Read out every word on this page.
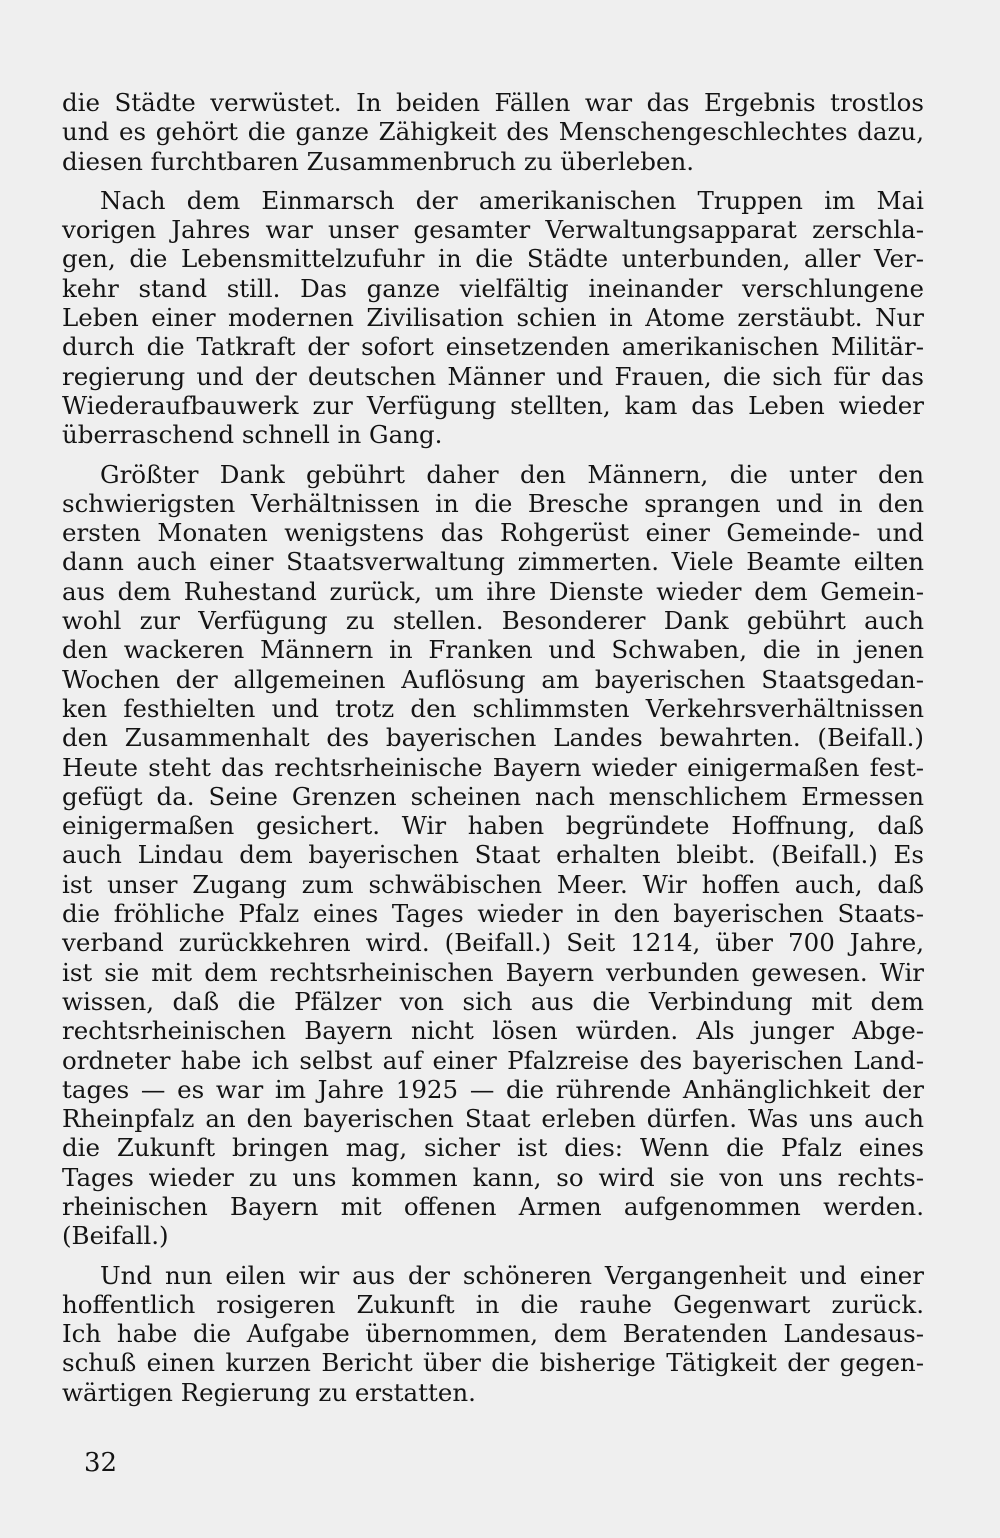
die Städte verwüstet. In beiden Fällen war das Ergebnis trostlos
und es gehört die ganze Zähigkeit des Menschengeschlechtes dazu,
diesen furchtbaren Zusammenbruch zu überleben.
Nach dem Einmarsch der amerikanischen Truppen im Mai
vorigen Jahres war unser gesamter Verwaltungsapparat zerschla-
gen, die Lebensmittelzufuhr in die Städte unterbunden, aller Ver-
kehr stand still. Das ganze vielfältig ineinander verschlungene
Leben einer modernen Zivilisation schien in Atome zerstäubt. Nur
durch die Tatkraft der sofort einsetzenden amerikanischen Militär-
regierung und der deutschen Männer und Frauen, die sich für das
Wiederaufbauwerk zur Verfügung stellten, kam das Leben wieder
überraschend schnell in Gang.
Größter Dank gebührt daher den Männern, die unter den
schwierigsten Verhältnissen in die Bresche sprangen und in den
ersten Monaten wenigstens das Rohgerüst einer Gemeinde- und
dann auch einer Staatsverwaltung zimmerten. Viele Beamte eilten
aus dem Ruhestand zurück, um ihre Dienste wieder dem Gemein-
wohl zur Verfügung zu stellen. Besonderer Dank gebührt auch
den wackeren Männern in Franken und Schwaben, die in jenen
Wochen der allgemeinen Auflösung am bayerischen Staatsgedan-
ken festhielten und trotz den schlimmsten Verkehrsverhältnissen
den Zusammenhalt des bayerischen Landes bewahrten. (Beifall.)
Heute steht das rechtsrheinische Bayern wieder einigermaßen fest-
gefügt da. Seine Grenzen scheinen nach menschlichem Ermessen
einigermaßen gesichert. Wir haben begründete Hoffnung, daß
auch Lindau dem bayerischen Staat erhalten bleibt. (Beifall.) Es
ist unser Zugang zum schwäbischen Meer. Wir hoffen auch, daß
die fröhliche Pfalz eines Tages wieder in den bayerischen Staats-
verband zurückkehren wird. (Beifall.) Seit 1214, über 700 Jahre,
ist sie mit dem rechtsrheinischen Bayern verbunden gewesen. Wir
wissen, daß die Pfälzer von sich aus die Verbindung mit dem
rechtsrheinischen Bayern nicht lösen würden. Als junger Abge-
ordneter habe ich selbst auf einer Pfalzreise des bayerischen Land-
tages — es war im Jahre 1925 — die rührende Anhänglichkeit der
Rheinpfalz an den bayerischen Staat erleben dürfen. Was uns auch
die Zukunft bringen mag, sicher ist dies: Wenn die Pfalz eines
Tages wieder zu uns kommen kann, so wird sie von uns rechts-
rheinischen Bayern mit offenen Armen aufgenommen werden.
(Beifall.)
Und nun eilen wir aus der schöneren Vergangenheit und einer
hoffentlich rosigeren Zukunft in die rauhe Gegenwart zurück.
Ich habe die Aufgabe übernommen, dem Beratenden Landesaus-
schuß einen kurzen Bericht über die bisherige Tätigkeit der gegen-
wärtigen Regierung zu erstatten.
32
